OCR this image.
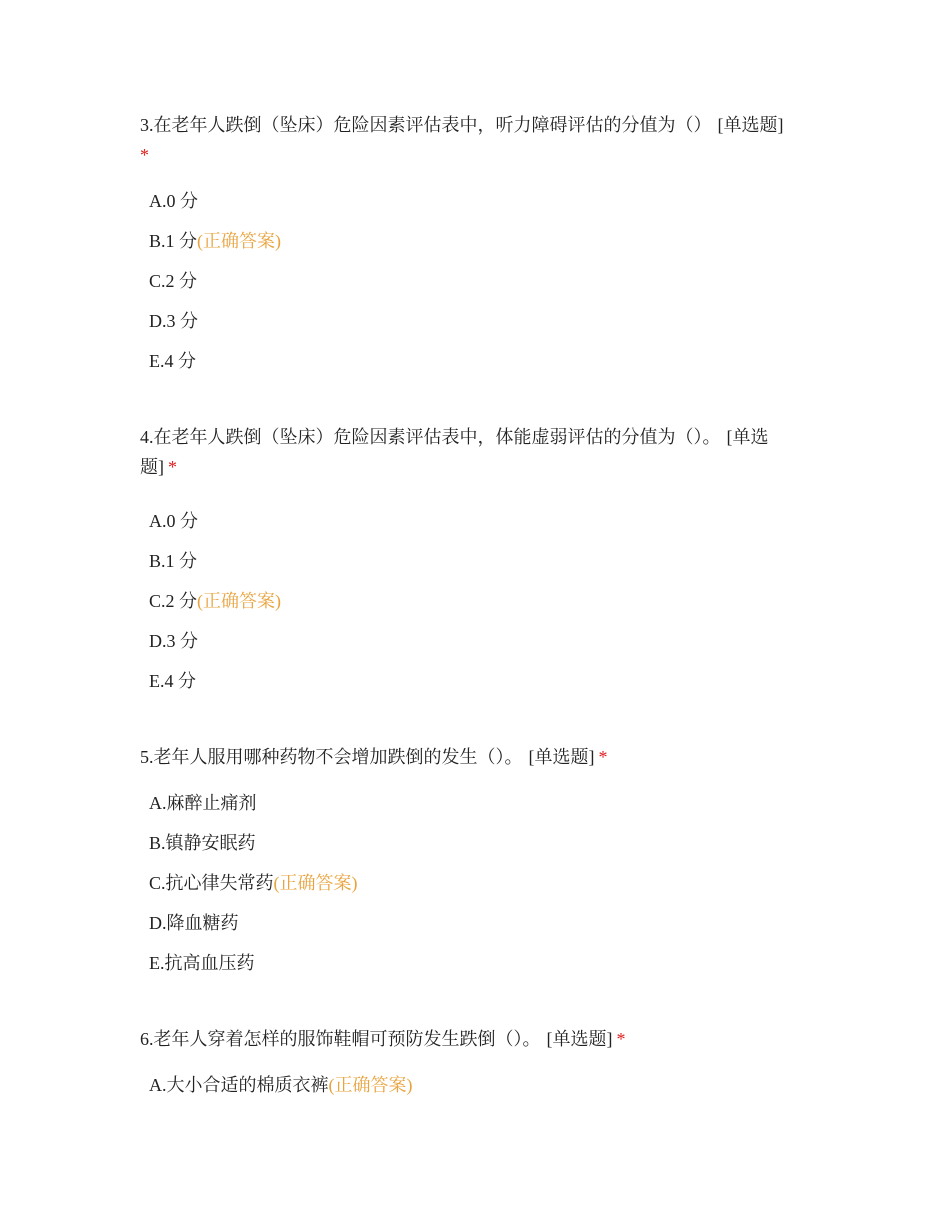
3.在老年人跌倒（坠床）危险因素评估表中，听力障碍评估的分值为（） [单选题]
*

A.0 分
B.1 分(正确答案)
C.2 分
D.3 分
E.4 分

4.在老年人跌倒（坠床）危险因素评估表中，体能虚弱评估的分值为（）。 [单选题] *

A.0 分
B.1 分
C.2 分(正确答案)
D.3 分
E.4 分

5.老年人服用哪种药物不会增加跌倒的发生（）。 [单选题] *

A.麻醉止痛剂
B.镇静安眠药
C.抗心律失常药(正确答案)
D.降血糖药
E.抗高血压药

6.老年人穿着怎样的服饰鞋帽可预防发生跌倒（）。 [单选题] *

A.大小合适的棉质衣裤(正确答案)
